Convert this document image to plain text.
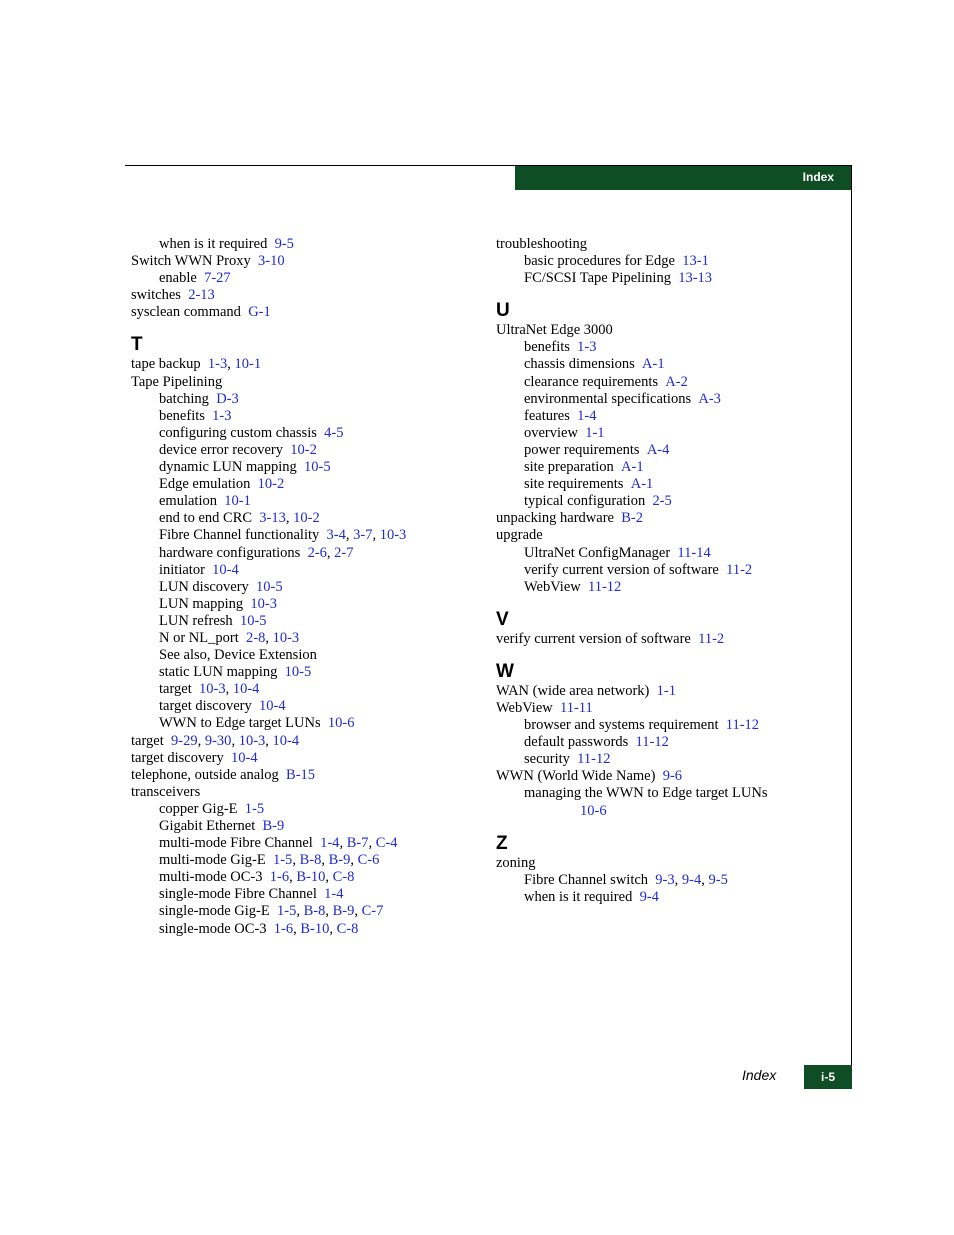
Index
when is it required 9-5
Switch WWN Proxy 3-10
enable 7-27
switches 2-13
sysclean command G-1
T
tape backup 1-3, 10-1
Tape Pipelining
batching D-3
benefits 1-3
configuring custom chassis 4-5
device error recovery 10-2
dynamic LUN mapping 10-5
Edge emulation 10-2
emulation 10-1
end to end CRC 3-13, 10-2
Fibre Channel functionality 3-4, 3-7, 10-3
hardware configurations 2-6, 2-7
initiator 10-4
LUN discovery 10-5
LUN mapping 10-3
LUN refresh 10-5
N or NL_port 2-8, 10-3
See also, Device Extension
static LUN mapping 10-5
target 10-3, 10-4
target discovery 10-4
WWN to Edge target LUNs 10-6
target 9-29, 9-30, 10-3, 10-4
target discovery 10-4
telephone, outside analog B-15
transceivers
copper Gig-E 1-5
Gigabit Ethernet B-9
multi-mode Fibre Channel 1-4, B-7, C-4
multi-mode Gig-E 1-5, B-8, B-9, C-6
multi-mode OC-3 1-6, B-10, C-8
single-mode Fibre Channel 1-4
single-mode Gig-E 1-5, B-8, B-9, C-7
single-mode OC-3 1-6, B-10, C-8
troubleshooting
basic procedures for Edge 13-1
FC/SCSI Tape Pipelining 13-13
U
UltraNet Edge 3000
benefits 1-3
chassis dimensions A-1
clearance requirements A-2
environmental specifications A-3
features 1-4
overview 1-1
power requirements A-4
site preparation A-1
site requirements A-1
typical configuration 2-5
unpacking hardware B-2
upgrade
UltraNet ConfigManager 11-14
verify current version of software 11-2
WebView 11-12
V
verify current version of software 11-2
W
WAN (wide area network) 1-1
WebView 11-11
browser and systems requirement 11-12
default passwords 11-12
security 11-12
WWN (World Wide Name) 9-6
managing the WWN to Edge target LUNs
10-6
Z
zoning
Fibre Channel switch 9-3, 9-4, 9-5
when is it required 9-4
Index	i-5
